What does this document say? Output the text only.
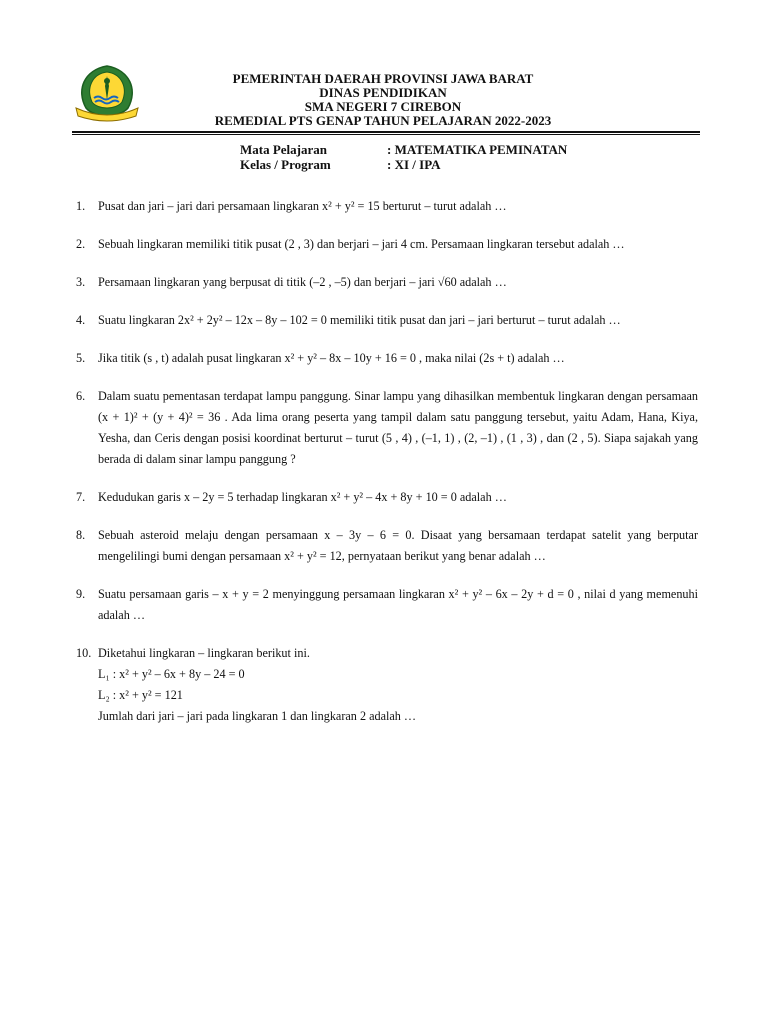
PEMERINTAH DAERAH PROVINSI JAWA BARAT
DINAS PENDIDIKAN
SMA NEGERI 7 CIREBON
REMEDIAL PTS GENAP TAHUN PELAJARAN 2022-2023
Mata Pelajaran	: MATEMATIKA PEMINATAN
Kelas / Program	: XI / IPA
1.	Pusat dan jari – jari dari persamaan lingkaran x² + y² = 15 berturut – turut adalah …
2.	Sebuah lingkaran memiliki titik pusat (2 , 3) dan berjari – jari 4 cm. Persamaan lingkaran tersebut adalah …
3.	Persamaan lingkaran yang berpusat di titik (–2 , –5) dan berjari – jari √60 adalah …
4.	Suatu lingkaran 2x² + 2y² – 12x – 8y – 102 = 0 memiliki titik pusat dan jari – jari berturut – turut adalah …
5.	Jika titik (s , t) adalah pusat lingkaran x² + y² – 8x – 10y + 16 = 0 , maka nilai (2s + t) adalah …
6.	Dalam suatu pementasan terdapat lampu panggung. Sinar lampu yang dihasilkan membentuk lingkaran dengan persamaan (x + 1)² + (y + 4)² = 36 . Ada lima orang peserta yang tampil dalam satu panggung tersebut, yaitu Adam, Hana, Kiya, Yesha, dan Ceris dengan posisi koordinat berturut – turut (5 , 4) , (–1, 1) , (2, –1) , (1 , 3) , dan (2 , 5). Siapa sajakah yang berada di dalam sinar lampu panggung ?
7.	Kedudukan garis x – 2y = 5 terhadap lingkaran x² + y² – 4x + 8y + 10 = 0 adalah …
8.	Sebuah asteroid melaju dengan persamaan x – 3y – 6 = 0. Disaat yang bersamaan terdapat satelit yang berputar mengelilingi bumi dengan persamaan x² + y² = 12, pernyataan berikut yang benar adalah …
9.	Suatu persamaan garis – x + y = 2 menyinggung persamaan lingkaran x² + y² – 6x – 2y + d = 0 , nilai d yang memenuhi adalah …
10. Diketahui lingkaran – lingkaran berikut ini.
L₁ : x² + y² – 6x + 8y – 24 = 0
L₂ : x² + y² = 121
Jumlah dari jari – jari pada lingkaran 1 dan lingkaran 2 adalah …
